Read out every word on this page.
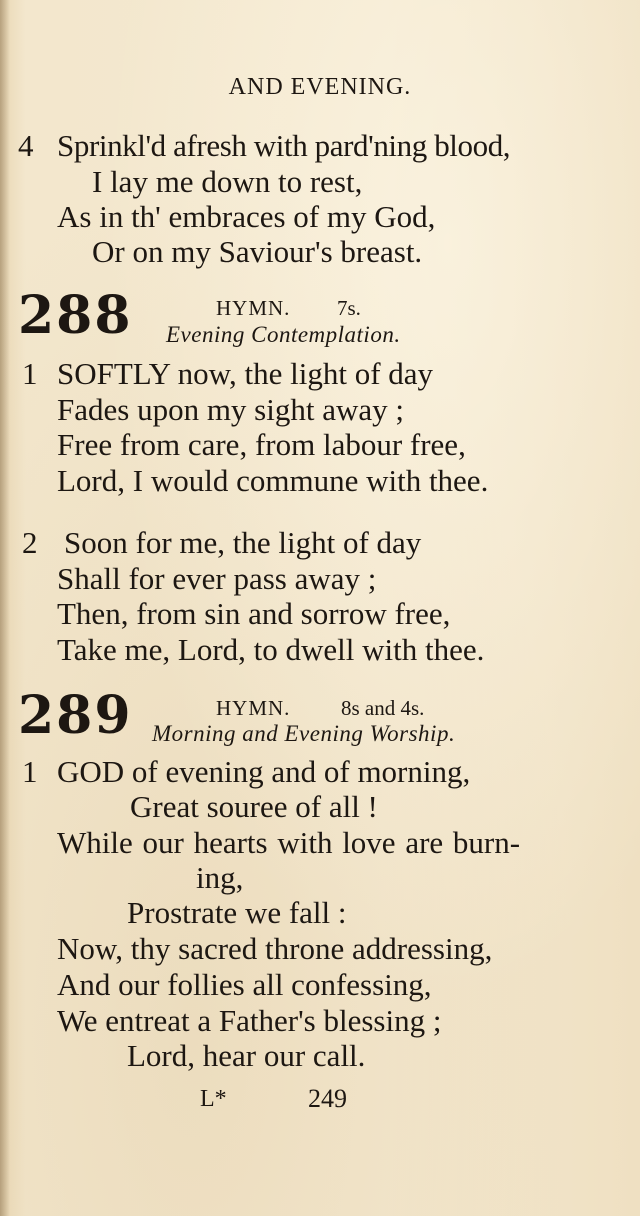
AND EVENING.
4 Sprinkl'd afresh with pard'ning blood,
I lay me down to rest,
As in th' embraces of my God,
Or on my Saviour's breast.
288	HYMN. 7s.
Evening Contemplation.
1 SOFTLY now, the light of day
Fades upon my sight away ;
Free from care, from labour free,
Lord, I would commune with thee.
2 Soon for me, the light of day
Shall for ever pass away ;
Then, from sin and sorrow free,
Take me, Lord, to dwell with thee.
289	HYMN. 8s and 4s.
Morning and Evening Worship.
1 GOD of evening and of morning,
Great souree of all !
While our hearts with love are burn-
ing,
Prostrate we fall :
Now, thy sacred throne addressing,
And our follies all confessing,
We entreat a Father's blessing ;
Lord, hear our call.
L*	249
